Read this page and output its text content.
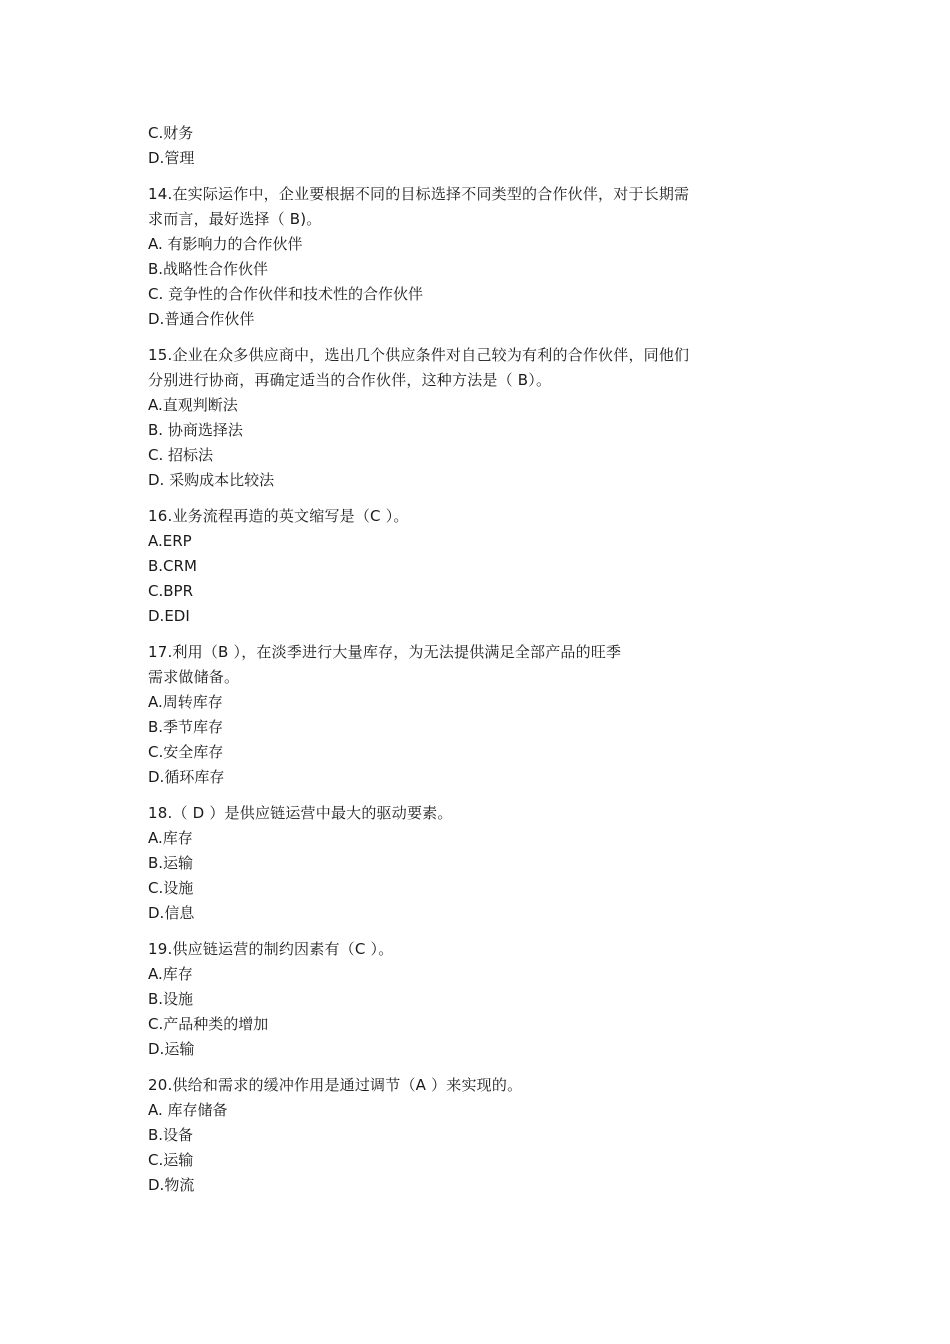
C.财务
D.管理
14.在实际运作中，企业要根据不同的目标选择不同类型的合作伙伴，对于长期需
求而言，最好选择（ B)。
A. 有影响力的合作伙伴
B.战略性合作伙伴
C. 竞争性的合作伙伴和技术性的合作伙伴
D.普通合作伙伴
15.企业在众多供应商中，选出几个供应条件对自己较为有利的合作伙伴，同他们
分别进行协商，再确定适当的合作伙伴，这种方法是（ B）。
A.直观判断法
B. 协商选择法
C. 招标法
D. 采购成本比较法
16.业务流程再造的英文缩写是（C ）。
A.ERP
B.CRM
C.BPR
D.EDI
17.利用（B ），在淡季进行大量库存，为无法提供满足全部产品的旺季
需求做储备。
A.周转库存
B.季节库存
C.安全库存
D.循环库存
18.（ D ）是供应链运营中最大的驱动要素。
A.库存
B.运输
C.设施
D.信息
19.供应链运营的制约因素有（C ）。
A.库存
B.设施
C.产品种类的增加
D.运输
20.供给和需求的缓冲作用是通过调节（A ）来实现的。
A. 库存储备
B.设备
C.运输
D.物流
